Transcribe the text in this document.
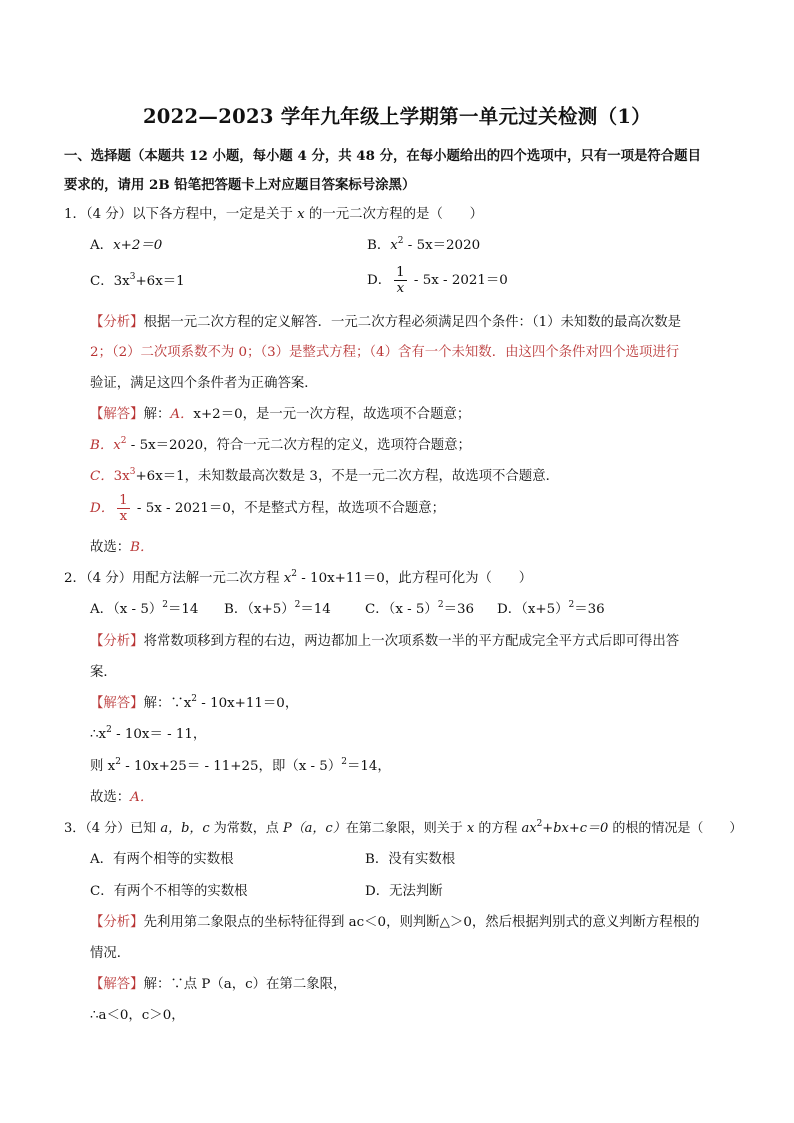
2022—2023 学年九年级上学期第一单元过关检测（1）
一、选择题（本题共 12 小题，每小题 4 分，共 48 分，在每小题给出的四个选项中，只有一项是符合题目
要求的，请用 2B 铅笔把答题卡上对应题目答案标号涂黑）
1．（4 分）以下各方程中，一定是关于 x 的一元二次方程的是（　　）
A．x+2＝0	B．$x^2 - 5x=2020$
C．$3x^3+6x=1$	D． $\frac{1}{x} - 5x - 2021=0$
【分析】根据一元二次方程的定义解答．一元二次方程必须满足四个条件：（1）未知数的最高次数是
2；（2）二次项系数不为 0；（3）是整式方程；（4）含有一个未知数．由这四个条件对四个选项进行
验证，满足这四个条件者为正确答案．
【解答】解：A．x+2＝0，是一元一次方程，故选项不合题意；
B．$x^2 - 5x=2020$，符合一元二次方程的定义，选项符合题意；
C．$3x^3+6x=1$，未知数最高次数是 3，不是一元二次方程，故选项不合题意．
D． $\frac{1}{x} - 5x - 2021=0$，不是整式方程，故选项不合题意；
故选：B．
2．（4 分）用配方法解一元二次方程 $x^2 - 10x+11=0$，此方程可化为（　　）
A．（x - 5）$^2$＝14 B．$(x+5)^2=14$	C．（x - 5）$^2$＝36 D．$(x+5)^2=36$
【分析】将常数项移到方程的右边，两边都加上一次项系数一半的平方配成完全平方式后即可得出答
案．
【解答】解：$\because x^2 - 10x+11=0$，
$\therefore x^2 - 10x= - 11$，
则 $x^2 - 10x+25= - 11+25$，即（x - 5）$^2$＝14，
故选：A．
3．（4 分）已知 a，b，c 为常数，点 P（a，c）在第二象限，则关于 x 的方程 $ax^2+bx+c=0$ 的根的情况是（　　）
A．有两个相等的实数根	B．没有实数根
C．有两个不相等的实数根	D．无法判断
【分析】先利用第二象限点的坐标特征得到 ac＜0，则判断△＞0，然后根据判别式的意义判断方程根的
情况．
【解答】解：∵点 P（a，c）在第二象限，
∴a＜0，c＞0，
